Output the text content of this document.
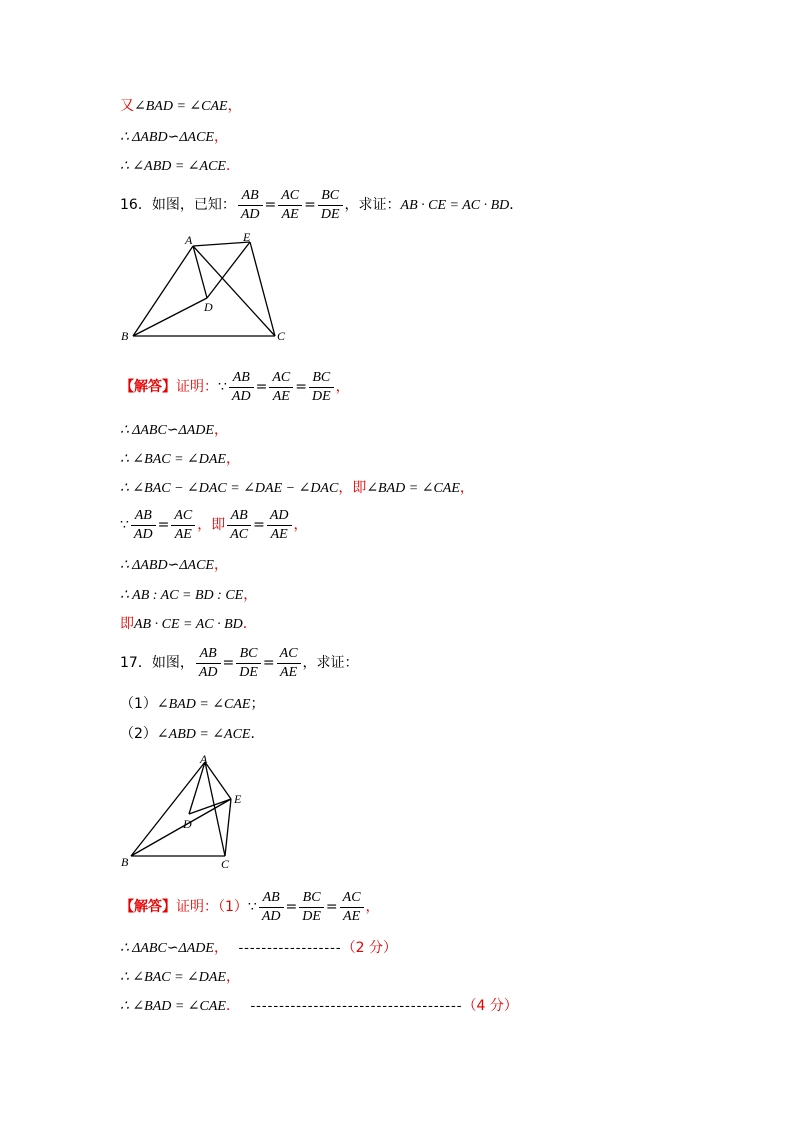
又∠BAD = ∠CAE，
∴ ΔABD∽ΔACE，
∴ ∠ABD = ∠ACE．
16．如图，已知： $\frac{AB}{AD} = \frac{AC}{AE} = \frac{BC}{DE}$ ，求证：AB · CE = AC · BD．
A	E
D
B	C
【解答】证明：∵ $\frac{AB}{AD} = \frac{AC}{AE} = \frac{BC}{DE}$ ，
∴ ΔABC∽ΔADE，
∴ ∠BAC = ∠DAE，
∴ ∠BAC − ∠DAC = ∠DAE − ∠DAC，即∠BAD = ∠CAE，
∵ $\frac{AB}{AD} = \frac{AC}{AE}$ ，即 $\frac{AB}{AC} = \frac{AD}{AE}$ ，
∴ ΔABD∽ΔACE，
∴ AB : AC = BD : CE，
即AB · CE = AC · BD．
17．如图， $\frac{AB}{AD} = \frac{BC}{DE} = \frac{AC}{AE}$ ，求证：
（1）∠BAD = ∠CAE；
（2）∠ABD = ∠ACE．
A
E
D
B	C
【解答】证明：（1）∵ $\frac{AB}{AD} = \frac{BC}{DE} = \frac{AC}{AE}$ ，
∴ ΔABC∽ΔADE， ------------------（2 分）
∴ ∠BAC = ∠DAE，
∴ ∠BAD = ∠CAE． -------------------------------------（4 分）
